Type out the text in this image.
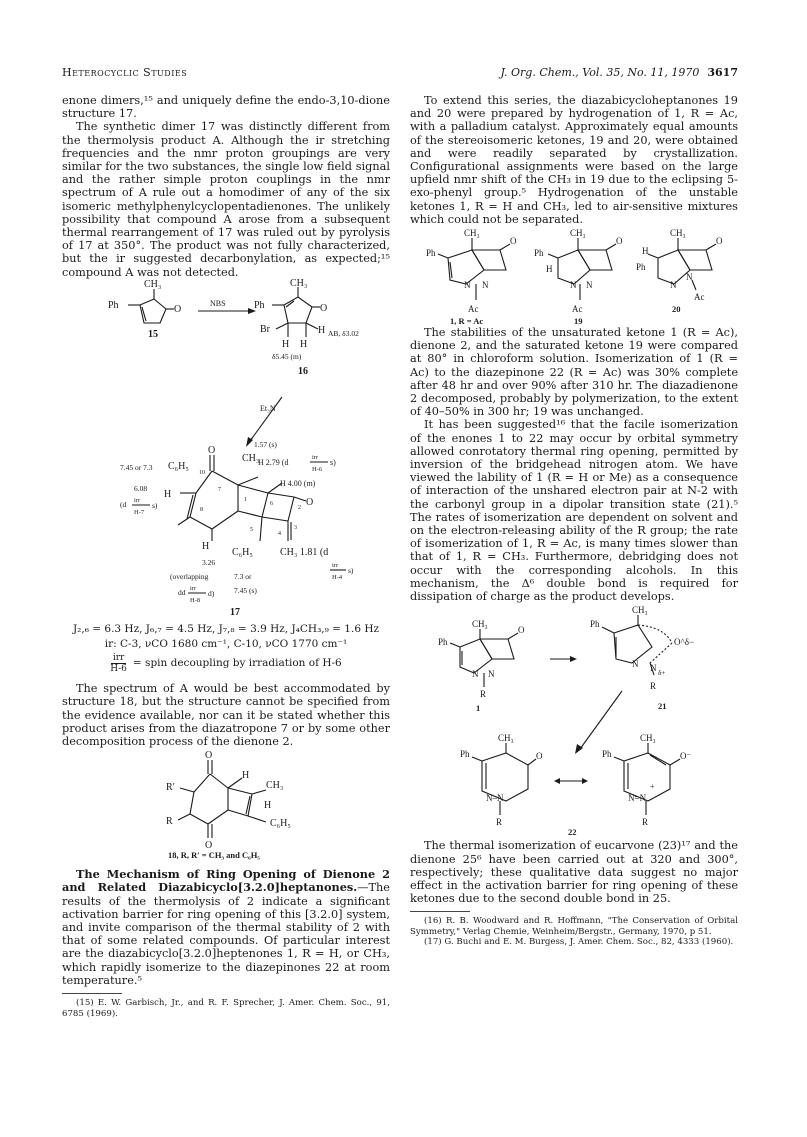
Heterocyclic Studies	J. Org. Chem., Vol. 35, No. 11, 1970 3617

enone dimers,¹⁵ and uniquely define the endo-3,10-dione structure 17.

The synthetic dimer 17 was distinctly different from the thermolysis product A. Although the ir stretching frequencies and the nmr proton groupings are very similar for the two substances, the single low field signal and the rather simple proton couplings in the nmr spectrum of A rule out a homodimer of any of the six isomeric methylphenylcyclopentadienones. The unlikely possibility that compound A arose from a subsequent thermal rearrangement of 17 was ruled out by pyrolysis of 17 at 350°. The product was not fully characterized, but the ir suggested decarbonylation, as expected;¹⁵ compound A was not detected.

CH₃
Ph	O
15
NBS
CH₃
Ph	O
Br	H AB, δ3.02
H H
δ5.45 (m)
16
Et₃N
O
10
7
1
6
2
3
4
5
8
CH₃
C₆H₅
H
H
O
C₆H₅	CH₃ 1.81 (d
1.57 (s)
H 2.79 (d
irr
H-6
s)
H 4.00 (m)
7.45 or 7.3
6.08
(d irr
H-7
s)
3.26
(overlapping
dd irr
H-8
d)
7.3 or
7.45 (s)
irr
H-4
s)
17
J₂,₆ = 6.3 Hz, J₆,₇ = 4.5 Hz, J₇,₈ = 3.9 Hz, J₄CH₃,₉ = 1.6 Hz
ir: C-3, νCO 1680 cm⁻¹, C-10, νCO 1770 cm⁻¹
irr
H-6
= spin decoupling by irradiation of H-6

The spectrum of A would be best accommodated by structure 18, but the structure cannot be specified from the evidence available, nor can it be stated whether this product arises from the diazatropone 7 or by some other decomposition process of the dienone 2.

O
H
CH₃
H
R′
R	C₆H₅
O
18, R, R′ = CH₃ and C₆H₅

The Mechanism of Ring Opening of Dienone 2 and Related Diazabicyclo[3.2.0]heptanones.—The results of the thermolysis of 2 indicate a significant activation barrier for ring opening of this [3.2.0] system, and invite comparison of the thermal stability of 2 with that of some related compounds. Of particular interest are the diazabicyclo[3.2.0]heptenones 1, R = H, or CH₃, which rapidly isomerize to the diazepinones 22 at room temperature.⁵

(15) E. W. Garbisch, Jr., and R. F. Sprecher, J. Amer. Chem. Soc., 91, 6785 (1969).

To extend this series, the diazabicycloheptanones 19 and 20 were prepared by hydrogenation of 1, R = Ac, with a palladium catalyst. Approximately equal amounts of the stereoisomeric ketones, 19 and 20, were obtained and were readily separated by crystallization. Configurational assignments were based on the large upfield nmr shift of the CH₃ in 19 due to the eclipsing 5-exo-phenyl group.⁵ Hydrogenation of the unstable ketones 1, R = H and CH₃, led to air-sensitive mixtures which could not be separated.

CH₃
Ph
O
N N
Ac
1, R = Ac
CH₃
Ph
H
O
N N
Ac
19
CH₃
H
Ph
O
N
N
Ac
20

The stabilities of the unsaturated ketone 1 (R = Ac), dienone 2, and the saturated ketone 19 were compared at 80° in chloroform solution. Isomerization of 1 (R = Ac) to the diazepinone 22 (R = Ac) was 30% complete after 48 hr and over 90% after 310 hr. The diazadienone 2 decomposed, probably by polymerization, to the extent of 40–50% in 300 hr; 19 was unchanged.

It has been suggested¹⁶ that the facile isomerization of the enones 1 to 22 may occur by orbital symmetry allowed conrotatory thermal ring opening, permitted by inversion of the bridgehead nitrogen atom. We have viewed the lability of 1 (R = H or Me) as a consequence of interaction of the unshared electron pair at N-2 with the carbonyl group in a dipolar transition state (21).⁵ The rates of isomerization are dependent on solvent and on the electron-releasing ability of the R group; the rate of isomerization of 1, R = Ac, is many times slower than that of 1, R = CH₃. Furthermore, debridging does not occur with the corresponding alcohols. In this mechanism, the Δ⁶ double bond is required for dissipation of charge as the product develops.

CH₃
Ph
O
N N
R
1
CH₃
Ph
O^δ−
N N δ+
R
21
CH₃
Ph	O
N–N
R
CH₃
Ph	O⁻
N=N
+
R
22

The thermal isomerization of eucarvone (23)¹⁷ and the dienone 25⁶ have been carried out at 320 and 300°, respectively; these qualitative data suggest no major effect in the activation barrier for ring opening of these ketones due to the second double bond in 25.

(16) R. B. Woodward and R. Hoffmann, "The Conservation of Orbital Symmetry," Verlag Chemie, Weinheim/Bergstr., Germany, 1970, p 51.

(17) G. Buchi and E. M. Burgess, J. Amer. Chem. Soc., 82, 4333 (1960).
